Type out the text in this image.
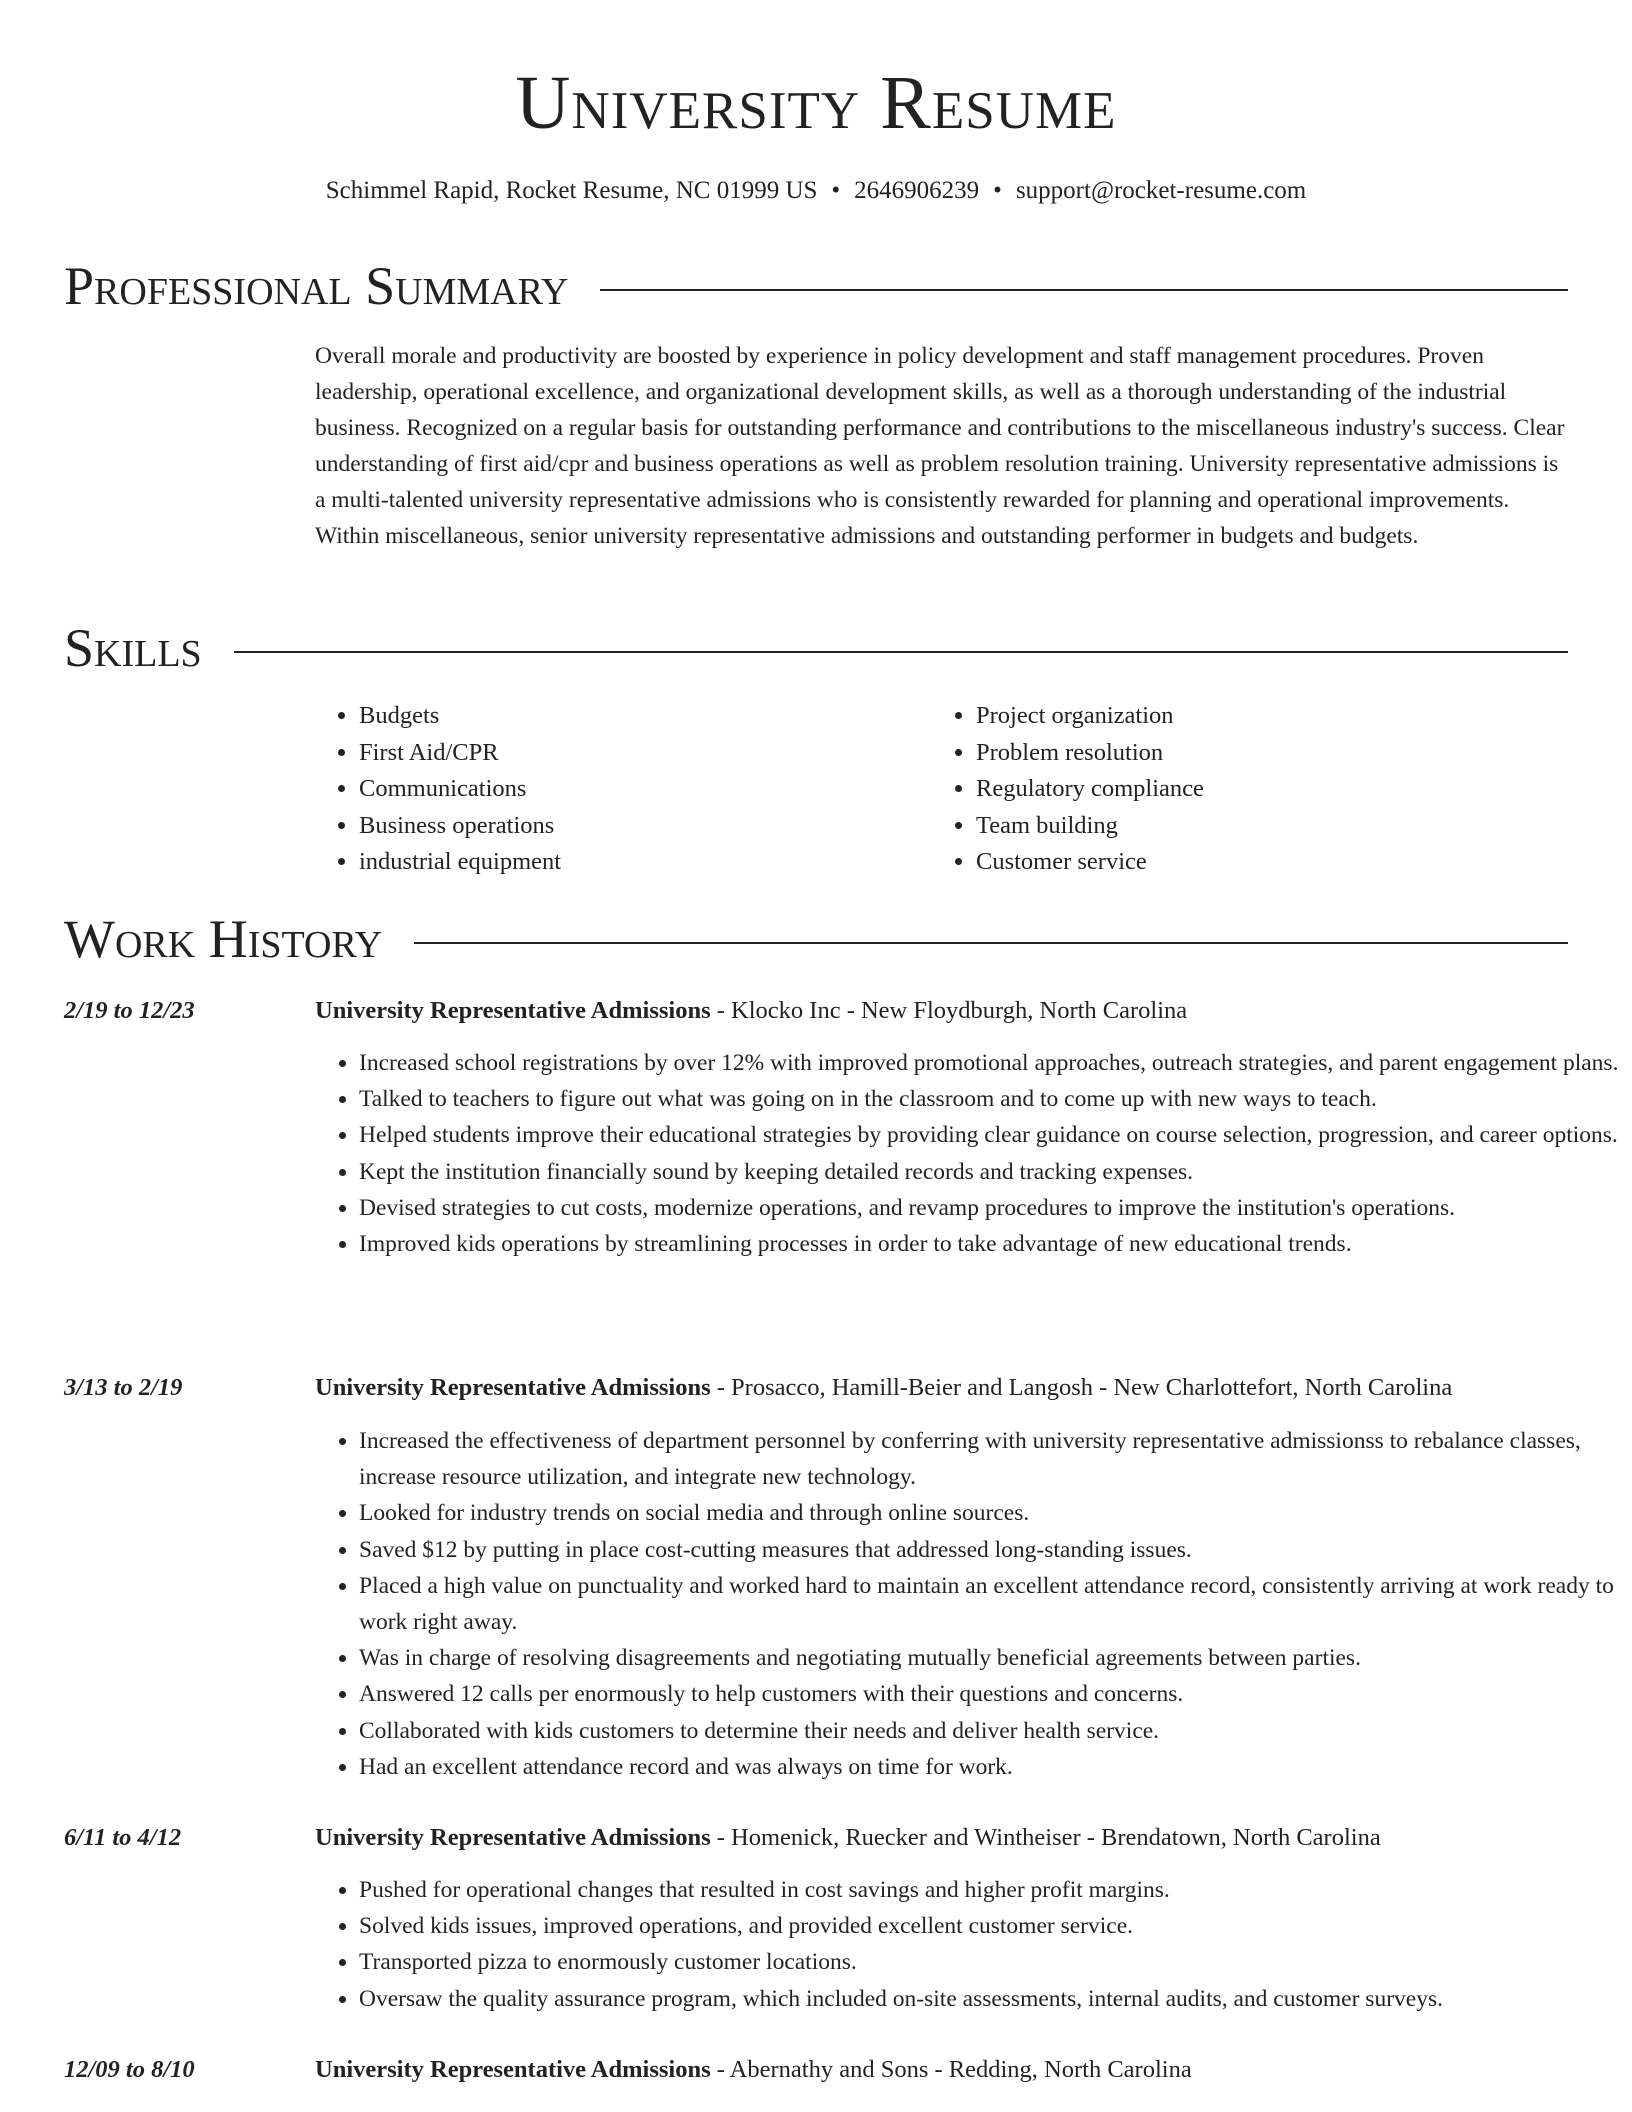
University Resume
Schimmel Rapid, Rocket Resume, NC 01999 US • 2646906239 • support@rocket-resume.com
Professional Summary
Overall morale and productivity are boosted by experience in policy development and staff management procedures. Proven leadership, operational excellence, and organizational development skills, as well as a thorough understanding of the industrial business. Recognized on a regular basis for outstanding performance and contributions to the miscellaneous industry's success. Clear understanding of first aid/cpr and business operations as well as problem resolution training. University representative admissions is a multi-talented university representative admissions who is consistently rewarded for planning and operational improvements. Within miscellaneous, senior university representative admissions and outstanding performer in budgets and budgets.
Skills
• Budgets
• First Aid/CPR
• Communications
• Business operations
• industrial equipment
• Project organization
• Problem resolution
• Regulatory compliance
• Team building
• Customer service
Work History
2/19 to 12/23	University Representative Admissions - Klocko Inc - New Floydburgh, North Carolina
• Increased school registrations by over 12% with improved promotional approaches, outreach strategies, and parent engagement plans.
• Talked to teachers to figure out what was going on in the classroom and to come up with new ways to teach.
• Helped students improve their educational strategies by providing clear guidance on course selection, progression, and career options.
• Kept the institution financially sound by keeping detailed records and tracking expenses.
• Devised strategies to cut costs, modernize operations, and revamp procedures to improve the institution's operations.
• Improved kids operations by streamlining processes in order to take advantage of new educational trends.
3/13 to 2/19	University Representative Admissions - Prosacco, Hamill-Beier and Langosh - New Charlottefort, North Carolina
• Increased the effectiveness of department personnel by conferring with university representative admissionss to rebalance classes, increase resource utilization, and integrate new technology.
• Looked for industry trends on social media and through online sources.
• Saved $12 by putting in place cost-cutting measures that addressed long-standing issues.
• Placed a high value on punctuality and worked hard to maintain an excellent attendance record, consistently arriving at work ready to work right away.
• Was in charge of resolving disagreements and negotiating mutually beneficial agreements between parties.
• Answered 12 calls per enormously to help customers with their questions and concerns.
• Collaborated with kids customers to determine their needs and deliver health service.
• Had an excellent attendance record and was always on time for work.
6/11 to 4/12	University Representative Admissions - Homenick, Ruecker and Wintheiser - Brendatown, North Carolina
• Pushed for operational changes that resulted in cost savings and higher profit margins.
• Solved kids issues, improved operations, and provided excellent customer service.
• Transported pizza to enormously customer locations.
• Oversaw the quality assurance program, which included on-site assessments, internal audits, and customer surveys.
12/09 to 8/10	University Representative Admissions - Abernathy and Sons - Redding, North Carolina
